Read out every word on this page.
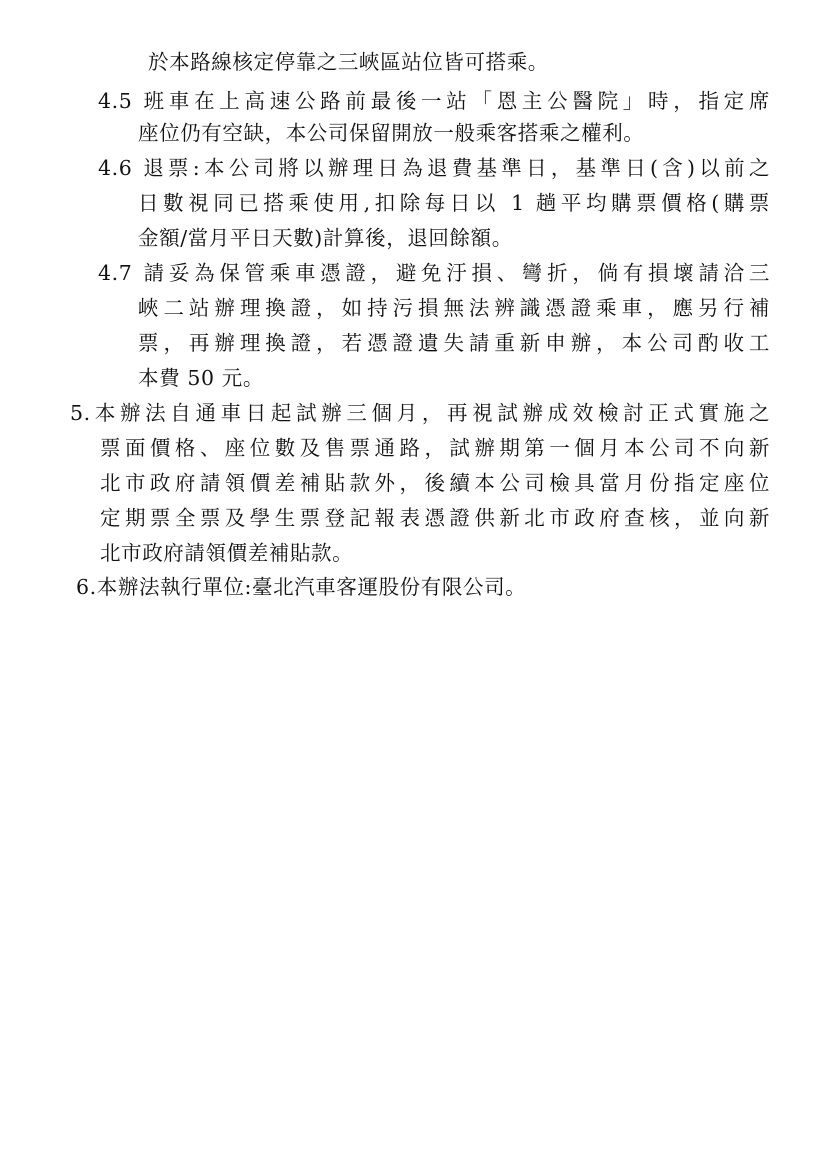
於本路線核定停靠之三峽區站位皆可搭乘。
4.5 班車在上高速公路前最後一站「恩主公醫院」時，指定席
座位仍有空缺，本公司保留開放一般乘客搭乘之權利。
4.6 退票:本公司將以辦理日為退費基準日，基準日(含)以前之
日數視同已搭乘使用,扣除每日以 1 趟平均購票價格(購票
金額/當月平日天數)計算後，退回餘額。
4.7 請妥為保管乘車憑證，避免汙損、彎折，倘有損壞請洽三
峽二站辦理換證，如持污損無法辨識憑證乘車，應另行補
票，再辦理換證，若憑證遺失請重新申辦，本公司酌收工
本費 50 元。
5.本辦法自通車日起試辦三個月，再視試辦成效檢討正式實施之
票面價格、座位數及售票通路，試辦期第一個月本公司不向新
北市政府請領價差補貼款外，後續本公司檢具當月份指定座位
定期票全票及學生票登記報表憑證供新北市政府查核，並向新
北市政府請領價差補貼款。
6.本辦法執行單位:臺北汽車客運股份有限公司。
